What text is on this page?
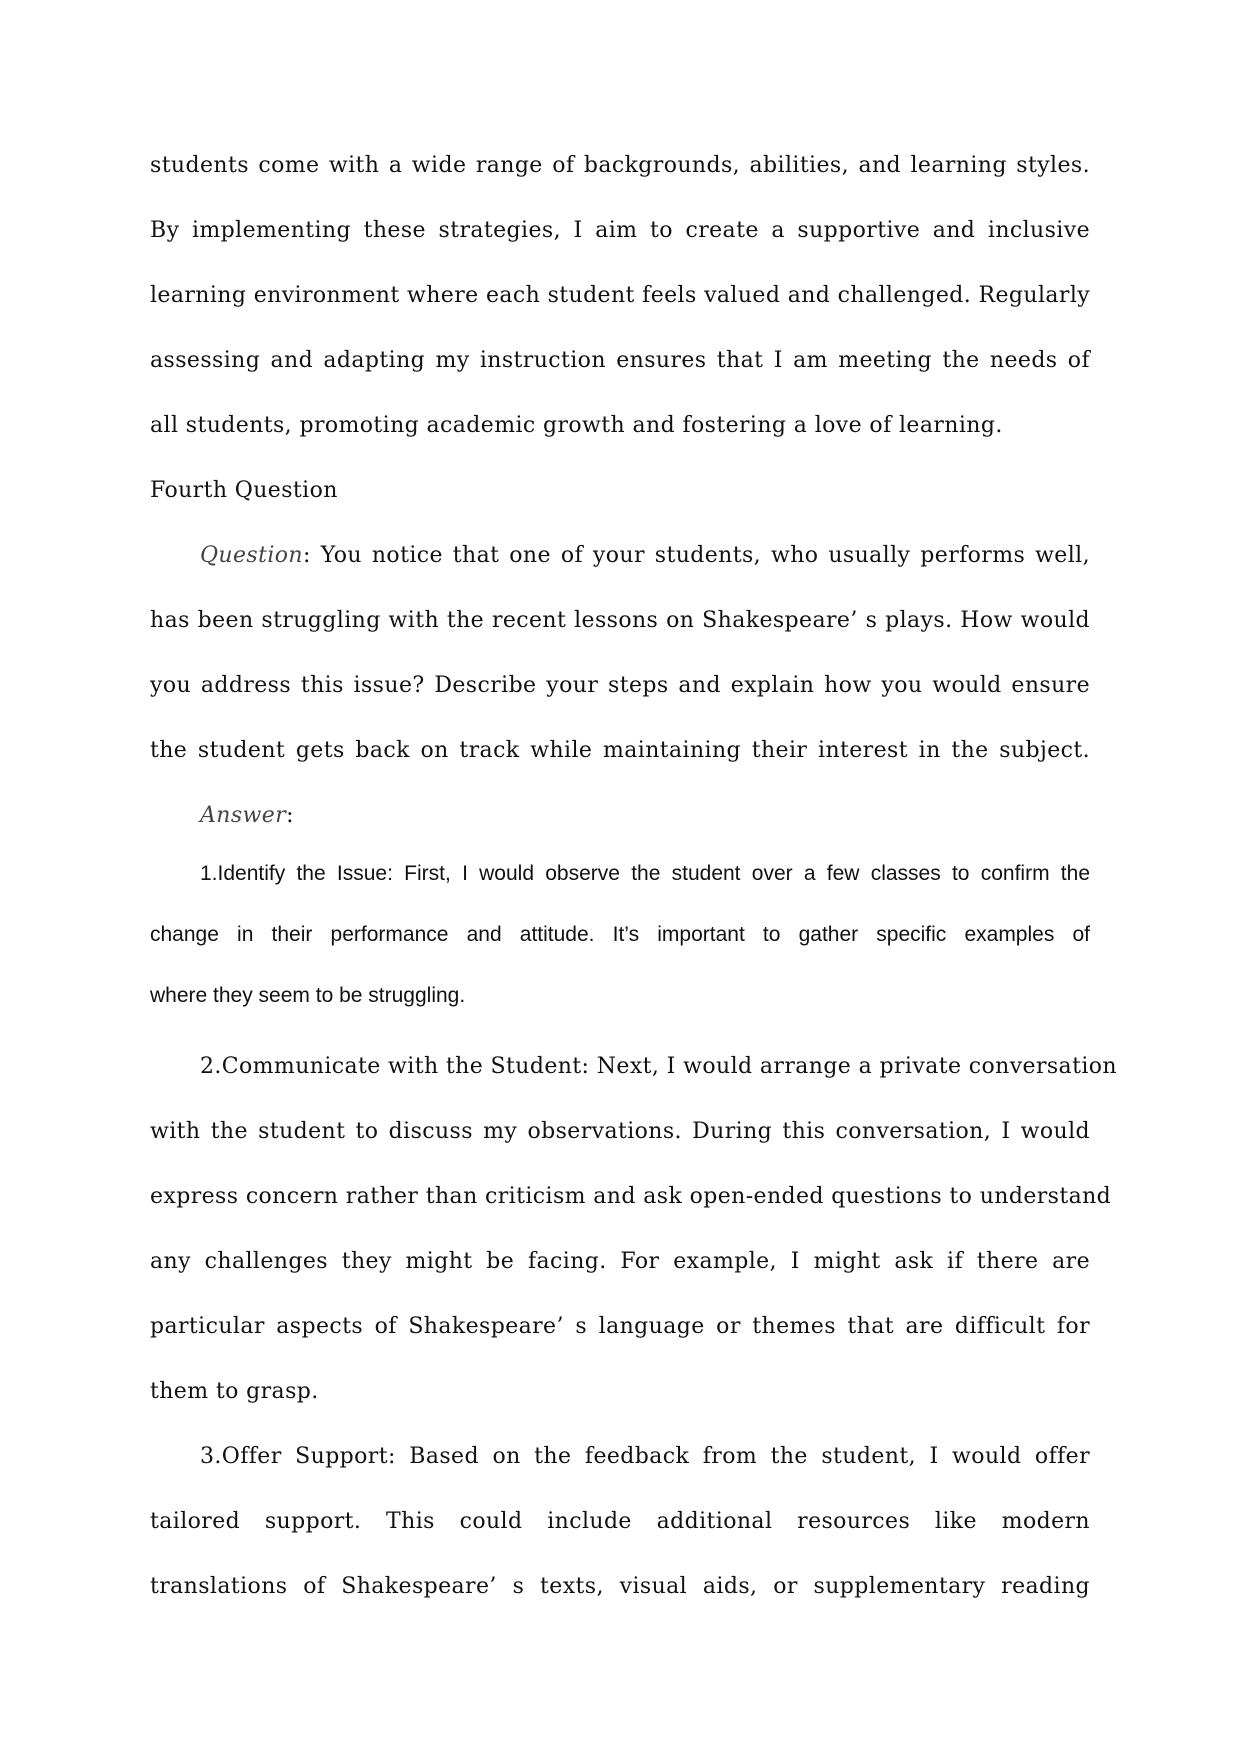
students come with a wide range of backgrounds, abilities, and learning styles.
By implementing these strategies, I aim to create a supportive and inclusive
learning environment where each student feels valued and challenged. Regularly
assessing and adapting my instruction ensures that I am meeting the needs of
all students, promoting academic growth and fostering a love of learning.
Fourth Question
Question: You notice that one of your students, who usually performs well,
has been struggling with the recent lessons on Shakespeare’ s plays. How would
you address this issue? Describe your steps and explain how you would ensure
the student gets back on track while maintaining their interest in the subject.
Answer:
1.Identify the Issue: First, I would observe the student over a few classes to confirm the
change in their performance and attitude. It’s important to gather specific examples of
where they seem to be struggling.
2.Communicate with the Student: Next, I would arrange a private conversation
with the student to discuss my observations. During this conversation, I would
express concern rather than criticism and ask open-ended questions to understand
any challenges they might be facing. For example, I might ask if there are
particular aspects of Shakespeare’ s language or themes that are difficult for
them to grasp.
3.Offer Support: Based on the feedback from the student, I would offer
tailored support. This could include additional resources like modern
translations of Shakespeare’ s texts, visual aids, or supplementary reading
